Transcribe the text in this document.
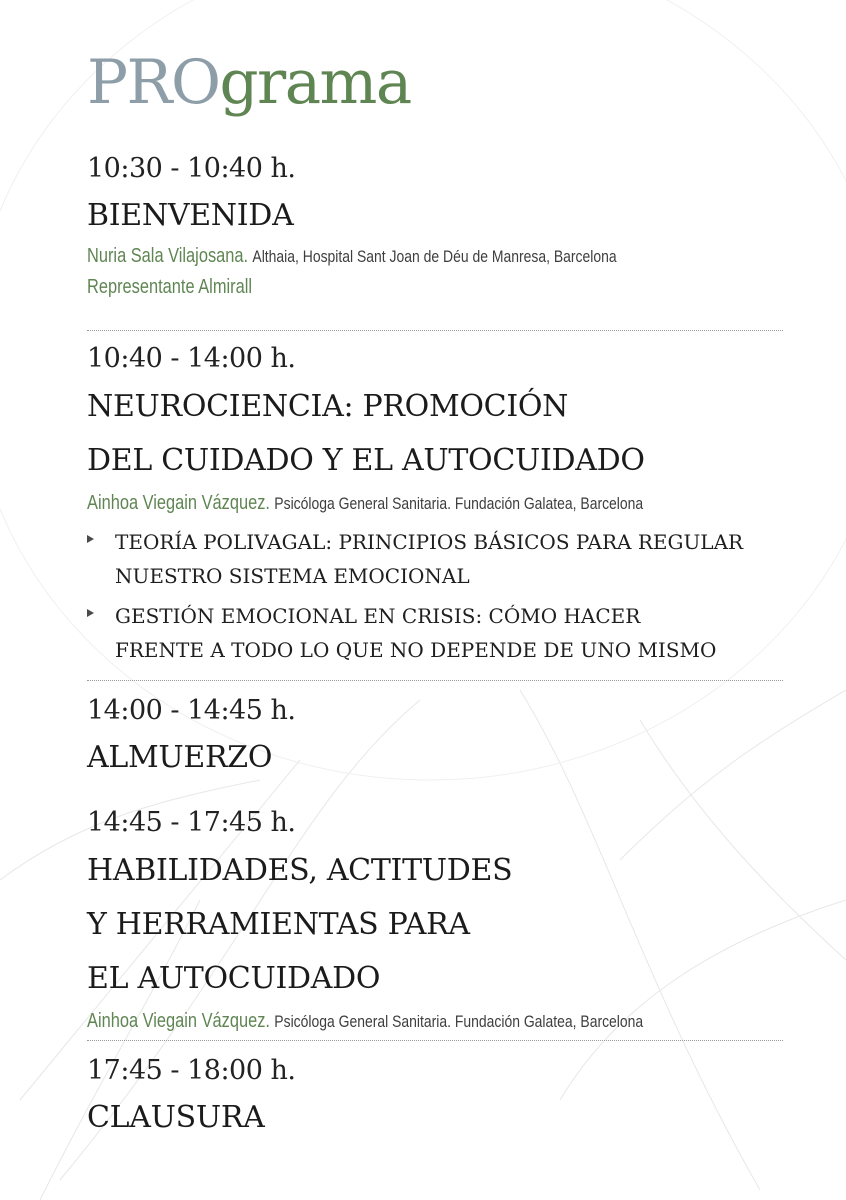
PROgrama
10:30 - 10:40 h.
BIENVENIDA
Nuria Sala Vilajosana. Althaia, Hospital Sant Joan de Déu de Manresa, Barcelona
Representante Almirall
10:40 - 14:00 h.
NEUROCIENCIA: PROMOCIÓN
DEL CUIDADO Y EL AUTOCUIDADO
Ainhoa Viegain Vázquez. Psicóloga General Sanitaria. Fundación Galatea, Barcelona
TEORÍA POLIVAGAL: PRINCIPIOS BÁSICOS PARA REGULAR
NUESTRO SISTEMA EMOCIONAL
GESTIÓN EMOCIONAL EN CRISIS: CÓMO HACER
FRENTE A TODO LO QUE NO DEPENDE DE UNO MISMO
14:00 - 14:45 h.
ALMUERZO
14:45 - 17:45 h.
HABILIDADES, ACTITUDES
Y HERRAMIENTAS PARA
EL AUTOCUIDADO
Ainhoa Viegain Vázquez. Psicóloga General Sanitaria. Fundación Galatea, Barcelona
17:45 - 18:00 h.
CLAUSURA
